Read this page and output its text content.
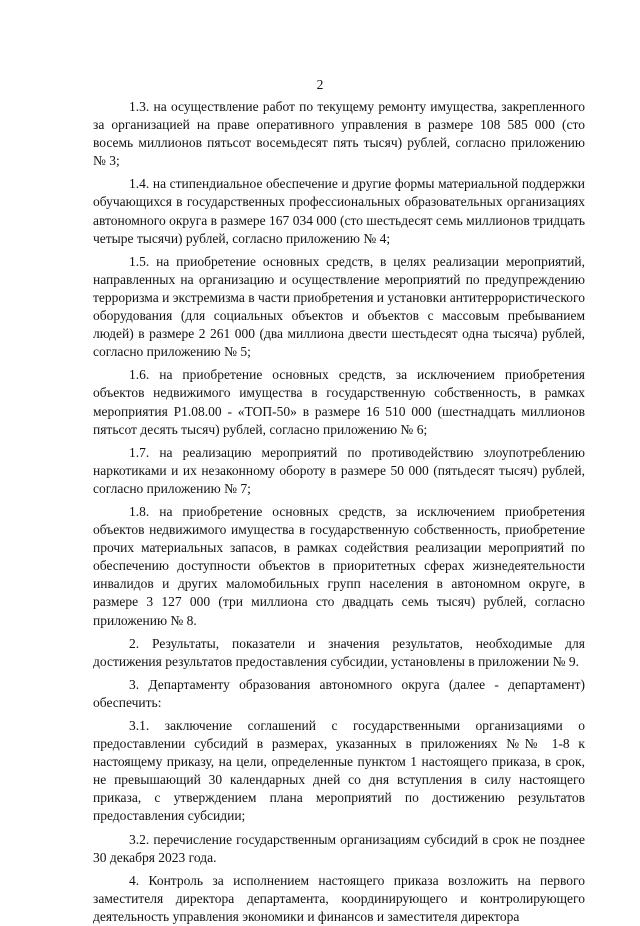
2

1.3. на осуществление работ по текущему ремонту имущества, закрепленного за организацией на праве оперативного управления в размере 108 585 000 (сто восемь миллионов пятьсот восемьдесят пять тысяч) рублей, согласно приложению № 3;

1.4. на стипендиальное обеспечение и другие формы материальной поддержки обучающихся в государственных профессиональных образовательных организациях автономного округа в размере 167 034 000 (сто шестьдесят семь миллионов тридцать четыре тысячи) рублей, согласно приложению № 4;

1.5. на приобретение основных средств, в целях реализации мероприятий, направленных на организацию и осуществление мероприятий по предупреждению терроризма и экстремизма в части приобретения и установки антитеррористического оборудования (для социальных объектов и объектов с массовым пребыванием людей) в размере 2 261 000 (два миллиона двести шестьдесят одна тысяча) рублей, согласно приложению № 5;

1.6. на приобретение основных средств, за исключением приобретения объектов недвижимого имущества в государственную собственность, в рамках мероприятия Р1.08.00 - «ТОП-50» в размере 16 510 000 (шестнадцать миллионов пятьсот десять тысяч) рублей, согласно приложению № 6;

1.7. на реализацию мероприятий по противодействию злоупотреблению наркотиками и их незаконному обороту в размере 50 000 (пятьдесят тысяч) рублей, согласно приложению № 7;

1.8. на приобретение основных средств, за исключением приобретения объектов недвижимого имущества в государственную собственность, приобретение прочих материальных запасов, в рамках содействия реализации мероприятий по обеспечению доступности объектов в приоритетных сферах жизнедеятельности инвалидов и других маломобильных групп населения в автономном округе, в размере 3 127 000 (три миллиона сто двадцать семь тысяч) рублей, согласно приложению № 8.

2. Результаты, показатели и значения результатов, необходимые для достижения результатов предоставления субсидии, установлены в приложении № 9.

3. Департаменту образования автономного округа (далее - департамент) обеспечить:

3.1. заключение соглашений с государственными организациями о предоставлении субсидий в размерах, указанных в приложениях №№ 1-8 к настоящему приказу, на цели, определенные пунктом 1 настоящего приказа, в срок, не превышающий 30 календарных дней со дня вступления в силу настоящего приказа, с утверждением плана мероприятий по достижению результатов предоставления субсидии;

3.2. перечисление государственным организациям субсидий в срок не позднее 30 декабря 2023 года.

4. Контроль за исполнением настоящего приказа возложить на первого заместителя директора департамента, координирующего и контролирующего деятельность управления экономики и финансов и заместителя директора
